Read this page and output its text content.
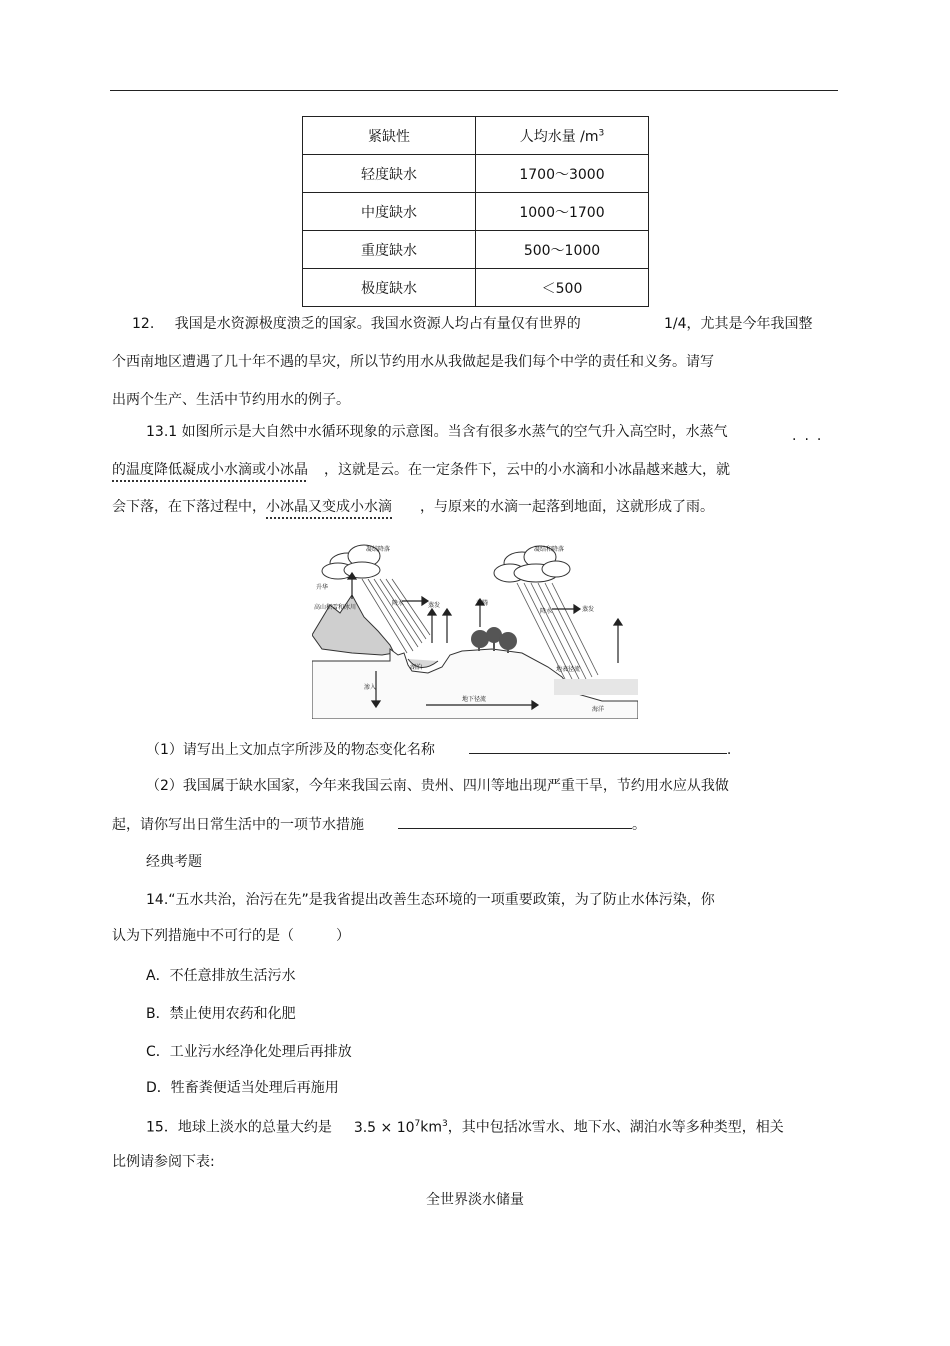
紧缺性	人均水量 $/m^3$
轻度缺水	1700～3000
中度缺水	1000～1700
重度缺水	500～1000
极度缺水	＜500
12. 我国是水资源极度溃乏的国家。我国水资源人均占有量仅有世界的	1/4，尤其是今年我国整
个西南地区遭遇了几十年不遇的旱灾，所以节约用水从我做起是我们每个中学的责任和义务。请写
出两个生产、生活中节约用水的例子。
13.1 如图所示是大自然中水循环现象的示意图。当含有很多水蒸气的空气升入高空时，水蒸气	···
的温度降低凝成小水滴或小冰晶 ，这就是云。在一定条件下，云中的小水滴和小冰晶越来越大，就
会下落，在下落过程中，小冰晶又变成小水滴 ，与原来的水滴一起落到地面，这就形成了雨。
凝结降落	凝结和降落
升华
高山积雪和冰川
降水	蒸发	蒸腾
降水	蒸发
湖泊
渗入
地表径流
地下径流
海洋
（1）请写出上文加点字所涉及的物态变化名称	.
（2）我国属于缺水国家，今年来我国云南、贵州、四川等地出现严重干旱，节约用水应从我做
起，请你写出日常生活中的一项节水措施	。
经典考题
14.“五水共治，治污在先”是我省提出改善生态环境的一项重要政策，为了防止水体污染，你
认为下列措施中不可行的是（　　　）
A．不任意排放生活污水
B．禁止使用农药和化肥
C．工业污水经净化处理后再排放
D．牲畜粪便适当处理后再施用
15．地球上淡水的总量大约是 $3.5 \times 10^7km^3$，其中包括冰雪水、地下水、湖泊水等多种类型，相关
比例请参阅下表:
全世界淡水储量
